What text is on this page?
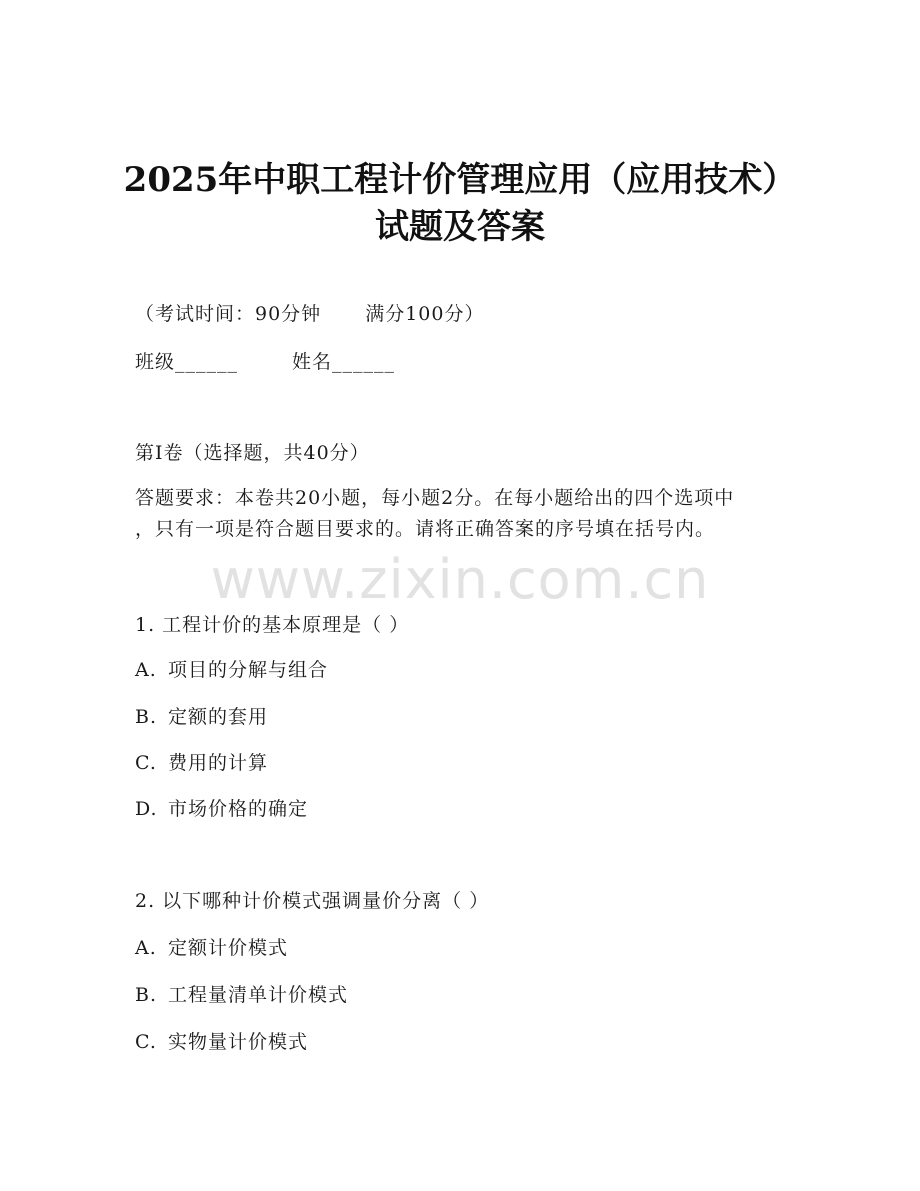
2025年中职工程计价管理应用（应用技术）
试题及答案
（考试时间：90分钟 满分100分）
班级______	姓名______
第I卷（选择题，共40分）
答题要求：本卷共20小题，每小题2分。在每小题给出的四个选项中
，只有一项是符合题目要求的。请将正确答案的序号填在括号内。
www.zixin.com.cn
1. 工程计价的基本原理是（ ）
A. 项目的分解与组合
B. 定额的套用
C. 费用的计算
D. 市场价格的确定
2. 以下哪种计价模式强调量价分离（ ）
A. 定额计价模式
B. 工程量清单计价模式
C. 实物量计价模式
